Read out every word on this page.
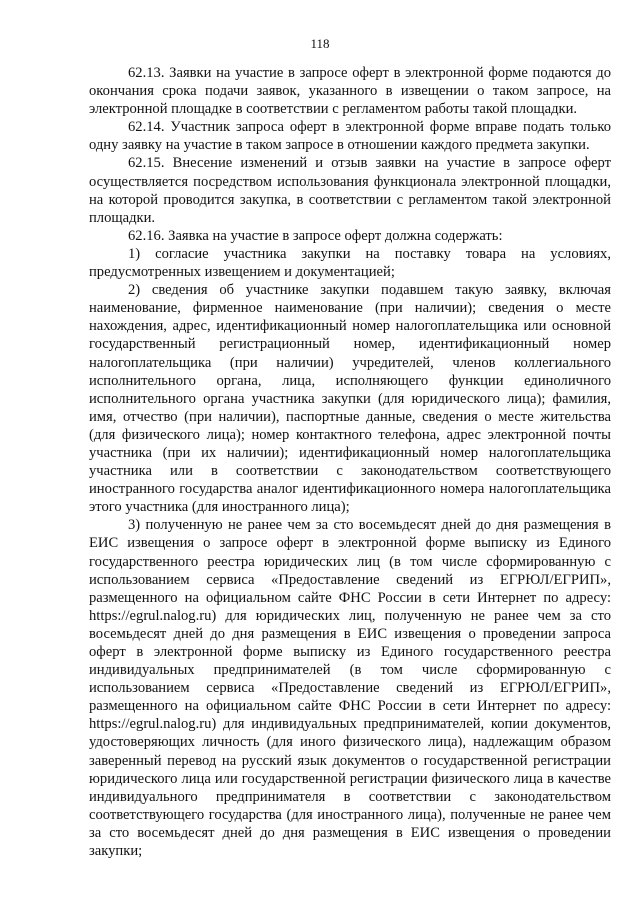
118

62.13. Заявки на участие в запросе оферт в электронной форме подаются до окончания срока подачи заявок, указанного в извещении о таком запросе, на электронной площадке в соответствии с регламентом работы такой площадки.

62.14. Участник запроса оферт в электронной форме вправе подать только одну заявку на участие в таком запросе в отношении каждого предмета закупки.

62.15. Внесение изменений и отзыв заявки на участие в запросе оферт осуществляется посредством использования функционала электронной площадки, на которой проводится закупка, в соответствии с регламентом такой электронной площадки.

62.16. Заявка на участие в запросе оферт должна содержать:

1) согласие участника закупки на поставку товара на условиях, предусмотренных извещением и документацией;

2) сведения об участнике закупки подавшем такую заявку, включая наименование, фирменное наименование (при наличии); сведения о месте нахождения, адрес, идентификационный номер налогоплательщика или основной государственный регистрационный номер, идентификационный номер налогоплательщика (при наличии) учредителей, членов коллегиального исполнительного органа, лица, исполняющего функции единоличного исполнительного органа участника закупки (для юридического лица); фамилия, имя, отчество (при наличии), паспортные данные, сведения о месте жительства (для физического лица); номер контактного телефона, адрес электронной почты участника (при их наличии); идентификационный номер налогоплательщика участника или в соответствии с законодательством соответствующего иностранного государства аналог идентификационного номера налогоплательщика этого участника (для иностранного лица);

3) полученную не ранее чем за сто восемьдесят дней до дня размещения в ЕИС извещения о запросе оферт в электронной форме выписку из Единого государственного реестра юридических лиц (в том числе сформированную с использованием сервиса «Предоставление сведений из ЕГРЮЛ/ЕГРИП», размещенного на официальном сайте ФНС России в сети Интернет по адресу: https://egrul.nalog.ru) для юридических лиц, полученную не ранее чем за сто восемьдесят дней до дня размещения в ЕИС извещения о проведении запроса оферт в электронной форме выписку из Единого государственного реестра индивидуальных предпринимателей (в том числе сформированную с использованием сервиса «Предоставление сведений из ЕГРЮЛ/ЕГРИП», размещенного на официальном сайте ФНС России в сети Интернет по адресу: https://egrul.nalog.ru) для индивидуальных предпринимателей, копии документов, удостоверяющих личность (для иного физического лица), надлежащим образом заверенный перевод на русский язык документов о государственной регистрации юридического лица или государственной регистрации физического лица в качестве индивидуального предпринимателя в соответствии с законодательством соответствующего государства (для иностранного лица), полученные не ранее чем за сто восемьдесят дней до дня размещения в ЕИС извещения о проведении закупки;
